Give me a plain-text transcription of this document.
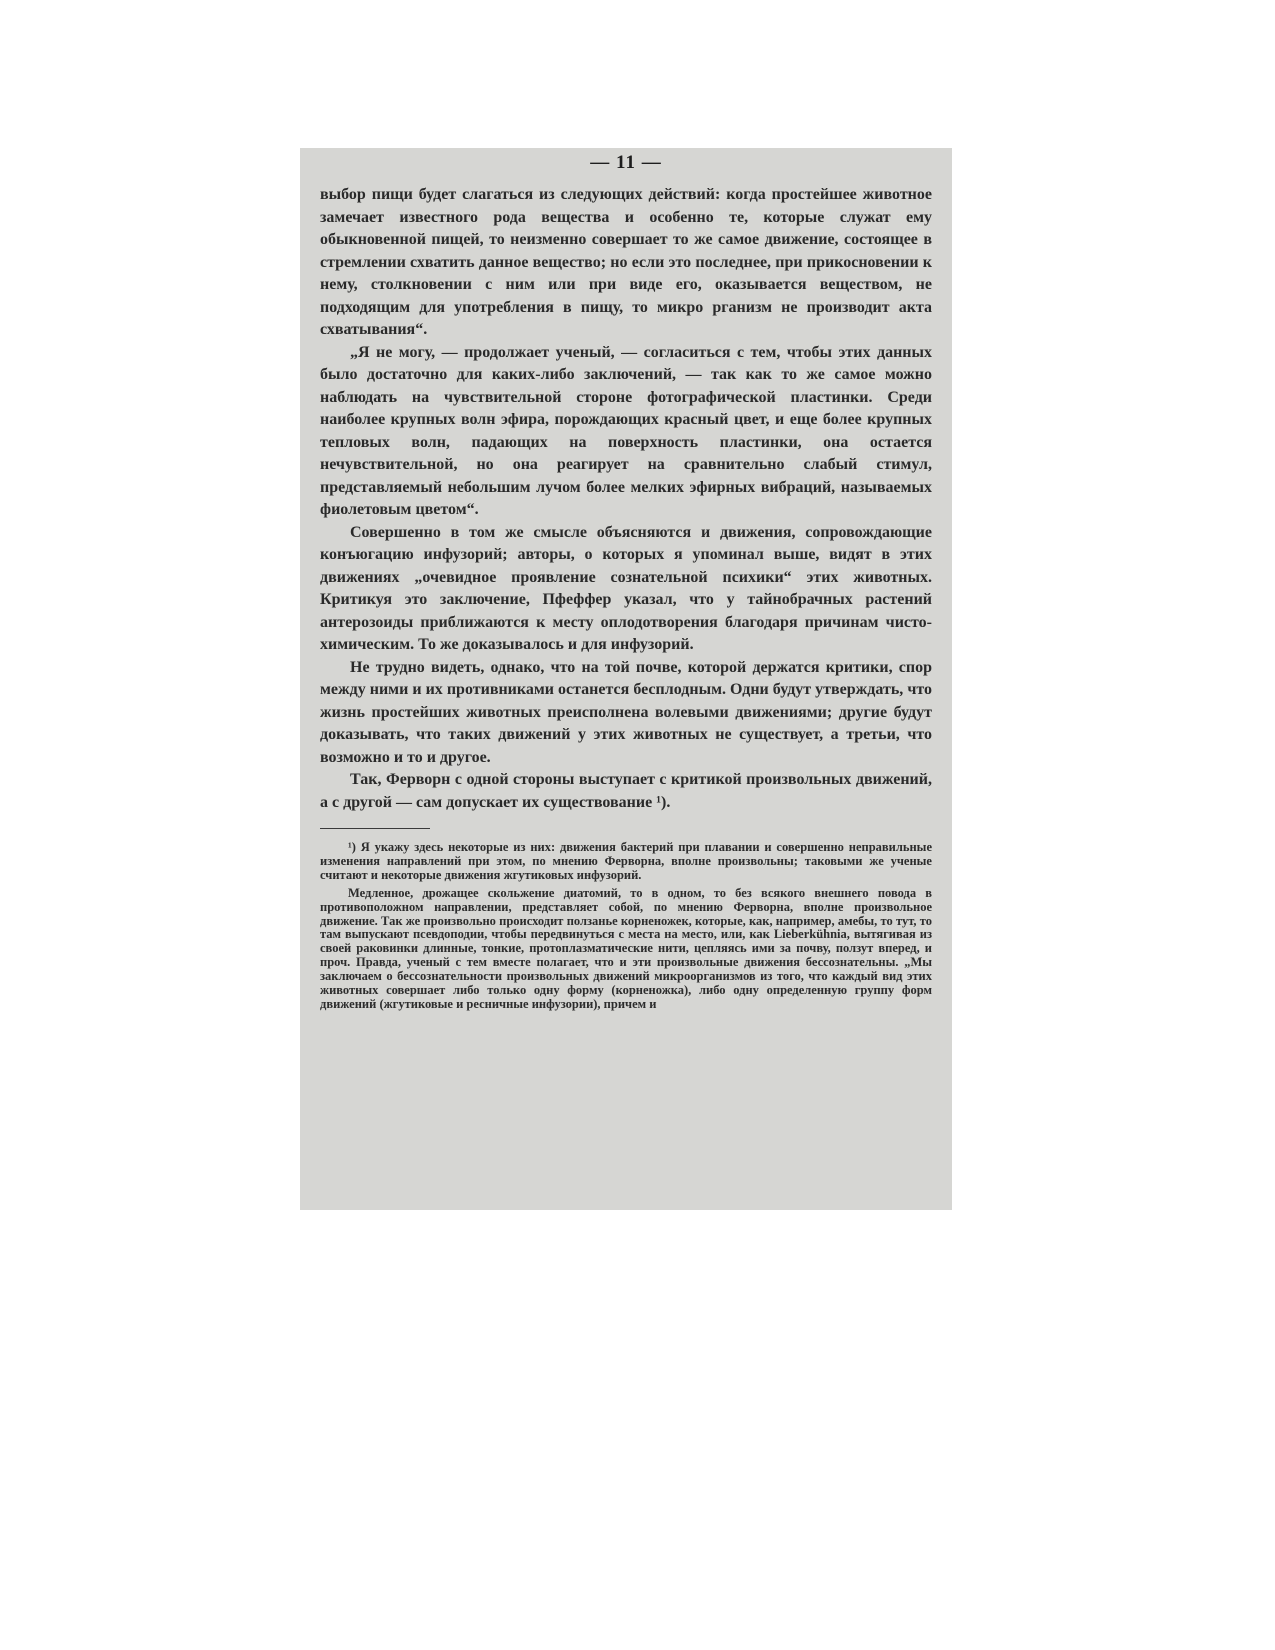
— 11 —

выбор пищи будет слагаться из следующих действий: когда простейшее животное замечает известного рода вещества и особенно те, которые служат ему обыкновенной пищей, то неизменно совершает то же самое движение, состоящее в стремлении схватить данное вещество; но если это последнее, при прикосновении к нему, столкновении с ним или при виде его, оказывается веществом, не подходящим для употребления в пищу, то микро рганизм не производит акта схватывания“.

„Я не могу, — продолжает ученый, — согласиться с тем, чтобы этих данных было достаточно для каких-либо заключений, — так как то же самое можно наблюдать на чувствительной стороне фотографической пластинки. Среди наиболее крупных волн эфира, порождающих красный цвет, и еще более крупных тепловых волн, падающих на поверхность пластинки, она остается нечувствительной, но она реагирует на сравнительно слабый стимул, представляемый небольшим лучом более мелких эфирных вибраций, называемых фиолетовым цветом“.

Совершенно в том же смысле объясняются и движения, сопровождающие конъюгацию инфузорий; авторы, о которых я упоминал выше, видят в этих движениях „очевидное проявление сознательной психики“ этих животных. Критикуя это заключение, Пфеффер указал, что у тайнобрачных растений антерозоиды приближаются к месту оплодотворения благодаря причинам чисто-химическим. То же доказывалось и для инфузорий.

Не трудно видеть, однако, что на той почве, которой держатся критики, спор между ними и их противниками останется бесплодным. Одни будут утверждать, что жизнь простейших животных преисполнена волевыми движениями; другие будут доказывать, что таких движений у этих животных не существует, а третьи, что возможно и то и другое.

Так, Ферворн с одной стороны выступает с критикой произвольных движений, а с другой — сам допускает их существование ¹).

¹) Я укажу здесь некоторые из них: движения бактерий при плавании и совершенно неправильные изменения направлений при этом, по мнению Ферворна, вполне произвольны; таковыми же ученые считают и некоторые движения жгутиковых инфузорий.

Медленное, дрожащее скольжение диатомий, то в одном, то без всякого внешнего повода в противоположном направлении, представляет собой, по мнению Ферворна, вполне произвольное движение. Так же произвольно происходит ползанье корненожек, которые, как, например, амебы, то тут, то там выпускают псевдоподии, чтобы передвинуться с места на место, или, как Lieberkühnia, вытягивая из своей раковинки длинные, тонкие, протоплазматические нити, цепляясь ими за почву, ползут вперед, и проч. Правда, ученый с тем вместе полагает, что и эти произвольные движения бессознательны. „Мы заключаем о бессознательности произвольных движений микроорганизмов из того, что каждый вид этих животных совершает либо только одну форму (корненожка), либо одну определенную группу форм движений (жгутиковые и ресничные инфузории), причем и
